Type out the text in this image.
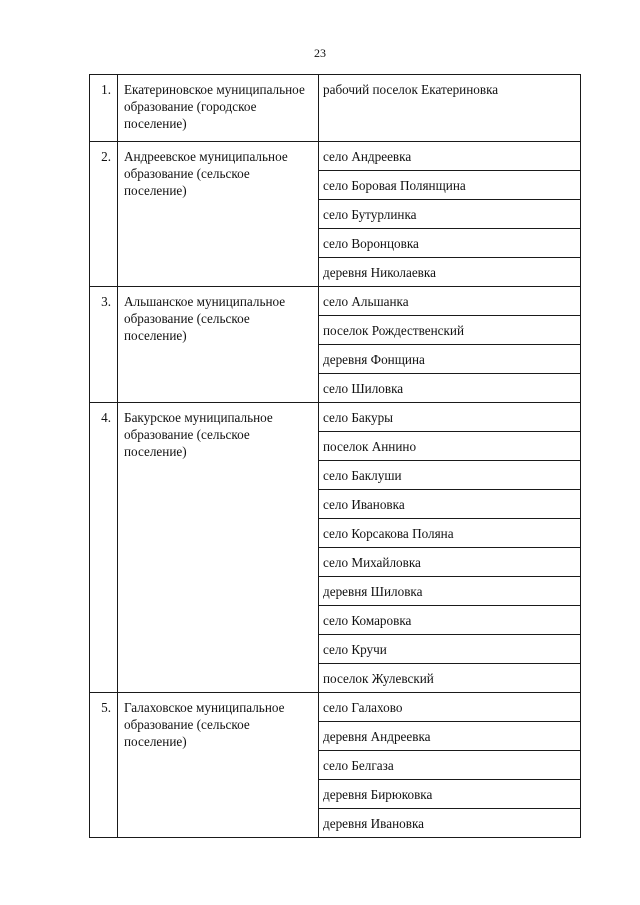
23
1.	Екатериновское муниципальное образование (городское поселение)	рабочий поселок Екатериновка
2.	Андреевское муниципальное образование (сельское поселение)	село Андреевка
		село Боровая Полянщина
		село Бутурлинка
		село Воронцовка
		деревня Николаевка
3.	Альшанское муниципальное образование (сельское поселение)	село Альшанка
		поселок Рождественский
		деревня Фонщина
		село Шиловка
4.	Бакурское муниципальное образование (сельское поселение)	село Бакуры
		поселок Аннино
		село Баклуши
		село Ивановка
		село Корсакова Поляна
		село Михайловка
		деревня Шиловка
		село Комаровка
		село Кручи
		поселок Жулевский
5.	Галаховское муниципальное образование (сельское поселение)	село Галахово
		деревня Андреевка
		село Белгаза
		деревня Бирюковка
		деревня Ивановка
